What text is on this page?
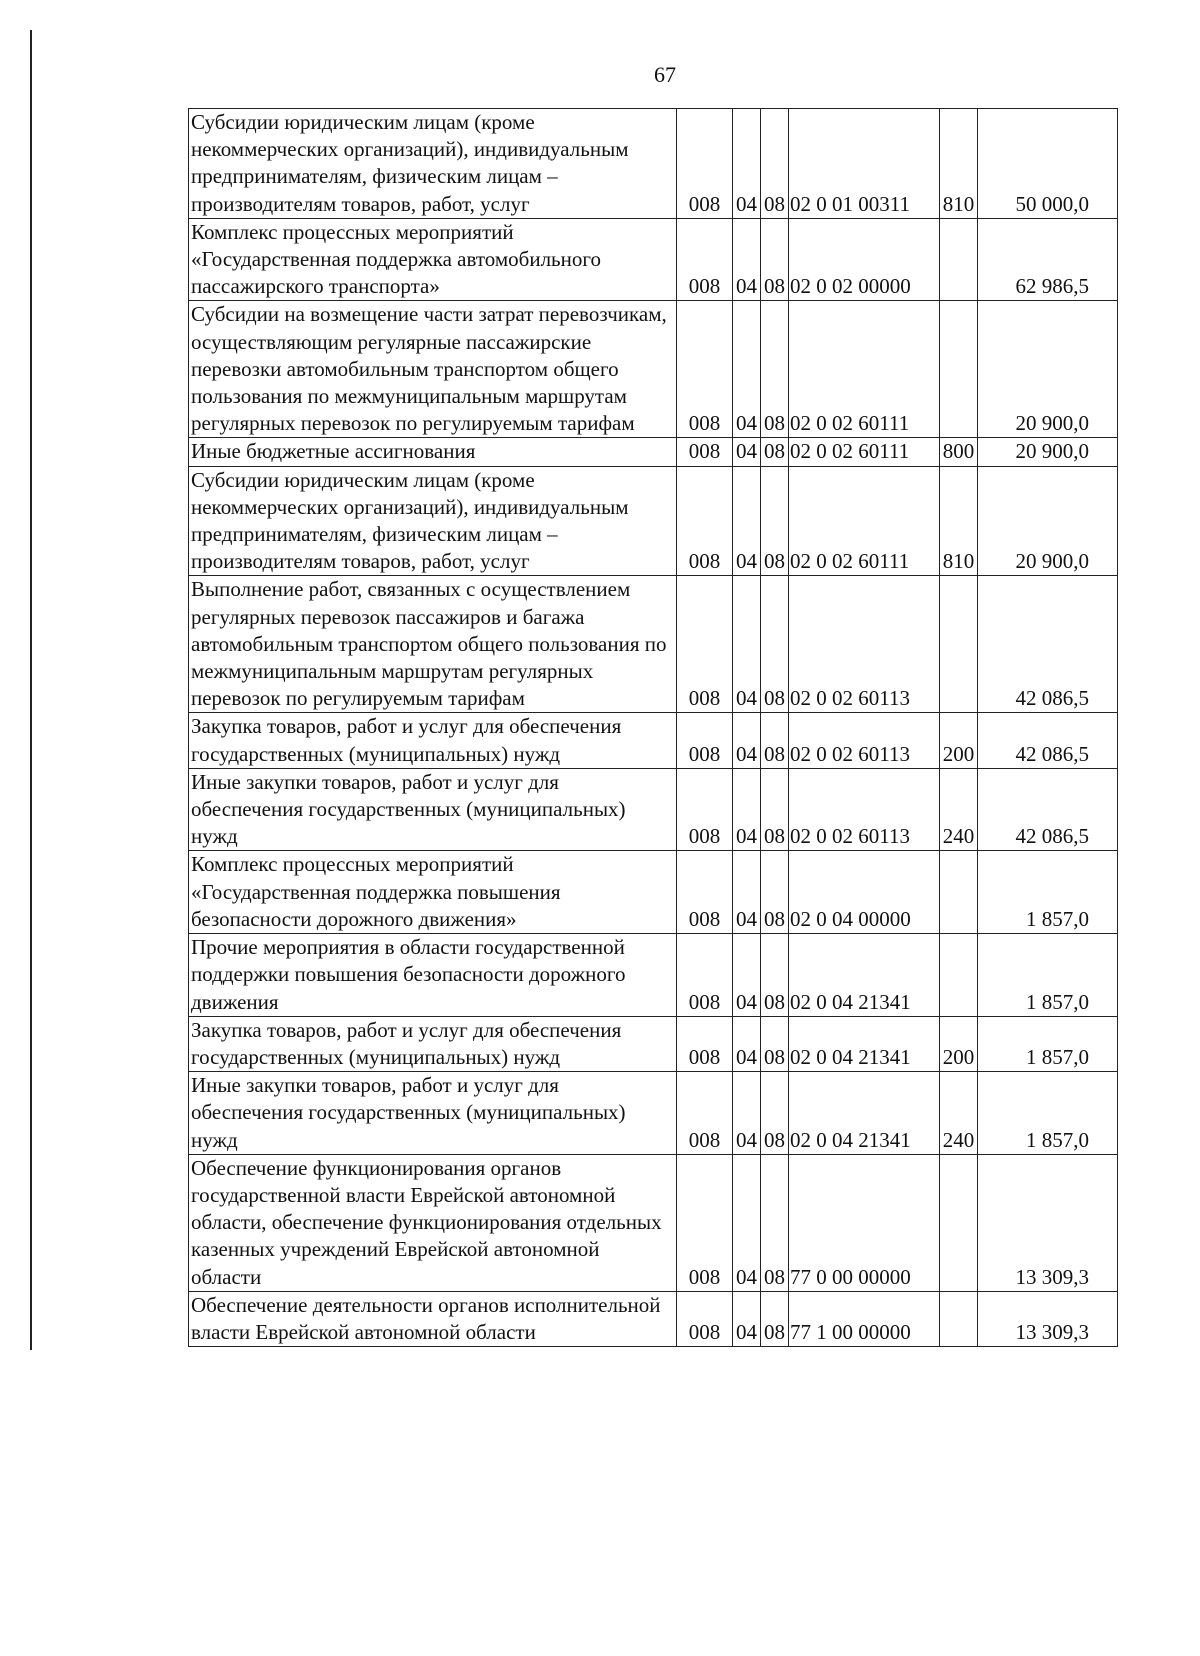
67
Субсидии юридическим лицам (кроме некоммерческих организаций), индивидуальным предпринимателям, физическим лицам – производителям товаров, работ, услуг	008	04	08	02 0 01 00311	810	50 000,0
Комплекс процессных мероприятий «Государственная поддержка автомобильного пассажирского транспорта»	008	04	08	02 0 02 00000		62 986,5
Субсидии на возмещение части затрат перевозчикам, осуществляющим регулярные пассажирские перевозки автомобильным транспортом общего пользования по межмуниципальным маршрутам регулярных перевозок по регулируемым тарифам	008	04	08	02 0 02 60111		20 900,0
Иные бюджетные ассигнования	008	04	08	02 0 02 60111	800	20 900,0
Субсидии юридическим лицам (кроме некоммерческих организаций), индивидуальным предпринимателям, физическим лицам – производителям товаров, работ, услуг	008	04	08	02 0 02 60111	810	20 900,0
Выполнение работ, связанных с осуществлением регулярных перевозок пассажиров и багажа автомобильным транспортом общего пользования по межмуниципальным маршрутам регулярных перевозок по регулируемым тарифам	008	04	08	02 0 02 60113		42 086,5
Закупка товаров, работ и услуг для обеспечения государственных (муниципальных) нужд	008	04	08	02 0 02 60113	200	42 086,5
Иные закупки товаров, работ и услуг для обеспечения государственных (муниципальных) нужд	008	04	08	02 0 02 60113	240	42 086,5
Комплекс процессных мероприятий «Государственная поддержка повышения безопасности дорожного движения»	008	04	08	02 0 04 00000		1 857,0
Прочие мероприятия в области государственной поддержки повышения безопасности дорожного движения	008	04	08	02 0 04 21341		1 857,0
Закупка товаров, работ и услуг для обеспечения государственных (муниципальных) нужд	008	04	08	02 0 04 21341	200	1 857,0
Иные закупки товаров, работ и услуг для обеспечения государственных (муниципальных) нужд	008	04	08	02 0 04 21341	240	1 857,0
Обеспечение функционирования органов государственной власти Еврейской автономной области, обеспечение функционирования отдельных казенных учреждений Еврейской автономной области	008	04	08	77 0 00 00000		13 309,3
Обеспечение деятельности органов исполнительной власти Еврейской автономной области	008	04	08	77 1 00 00000		13 309,3
